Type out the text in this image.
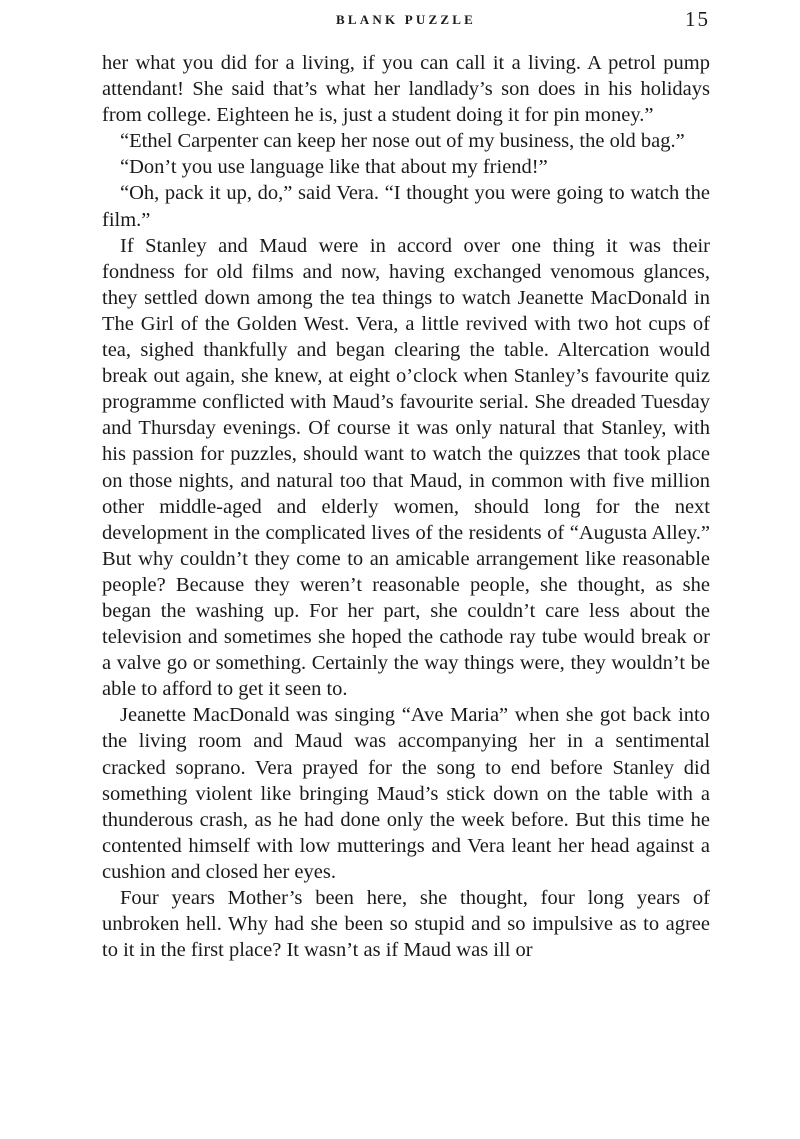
BLANK PUZZLE	15

her what you did for a living, if you can call it a living. A petrol pump attendant! She said that’s what her landlady’s son does in his holidays from college. Eighteen he is, just a student doing it for pin money.”

“Ethel Carpenter can keep her nose out of my business, the old bag.”

“Don’t you use language like that about my friend!”

“Oh, pack it up, do,” said Vera. “I thought you were going to watch the film.”

If Stanley and Maud were in accord over one thing it was their fondness for old films and now, having exchanged venomous glances, they settled down among the tea things to watch Jeanette MacDonald in The Girl of the Golden West. Vera, a little revived with two hot cups of tea, sighed thankfully and began clearing the table. Altercation would break out again, she knew, at eight o’clock when Stanley’s favourite quiz programme conflicted with Maud’s favourite serial. She dreaded Tuesday and Thursday evenings. Of course it was only natural that Stanley, with his passion for puzzles, should want to watch the quizzes that took place on those nights, and natural too that Maud, in common with five million other middle-aged and elderly women, should long for the next development in the complicated lives of the residents of “Augusta Alley.” But why couldn’t they come to an amicable arrangement like reasonable people? Because they weren’t reasonable people, she thought, as she began the washing up. For her part, she couldn’t care less about the television and sometimes she hoped the cathode ray tube would break or a valve go or something. Certainly the way things were, they wouldn’t be able to afford to get it seen to.

Jeanette MacDonald was singing “Ave Maria” when she got back into the living room and Maud was accompanying her in a sentimental cracked soprano. Vera prayed for the song to end before Stanley did something violent like bringing Maud’s stick down on the table with a thunderous crash, as he had done only the week before. But this time he contented himself with low mutterings and Vera leant her head against a cushion and closed her eyes.

Four years Mother’s been here, she thought, four long years of unbroken hell. Why had she been so stupid and so impulsive as to agree to it in the first place? It wasn’t as if Maud was ill or
